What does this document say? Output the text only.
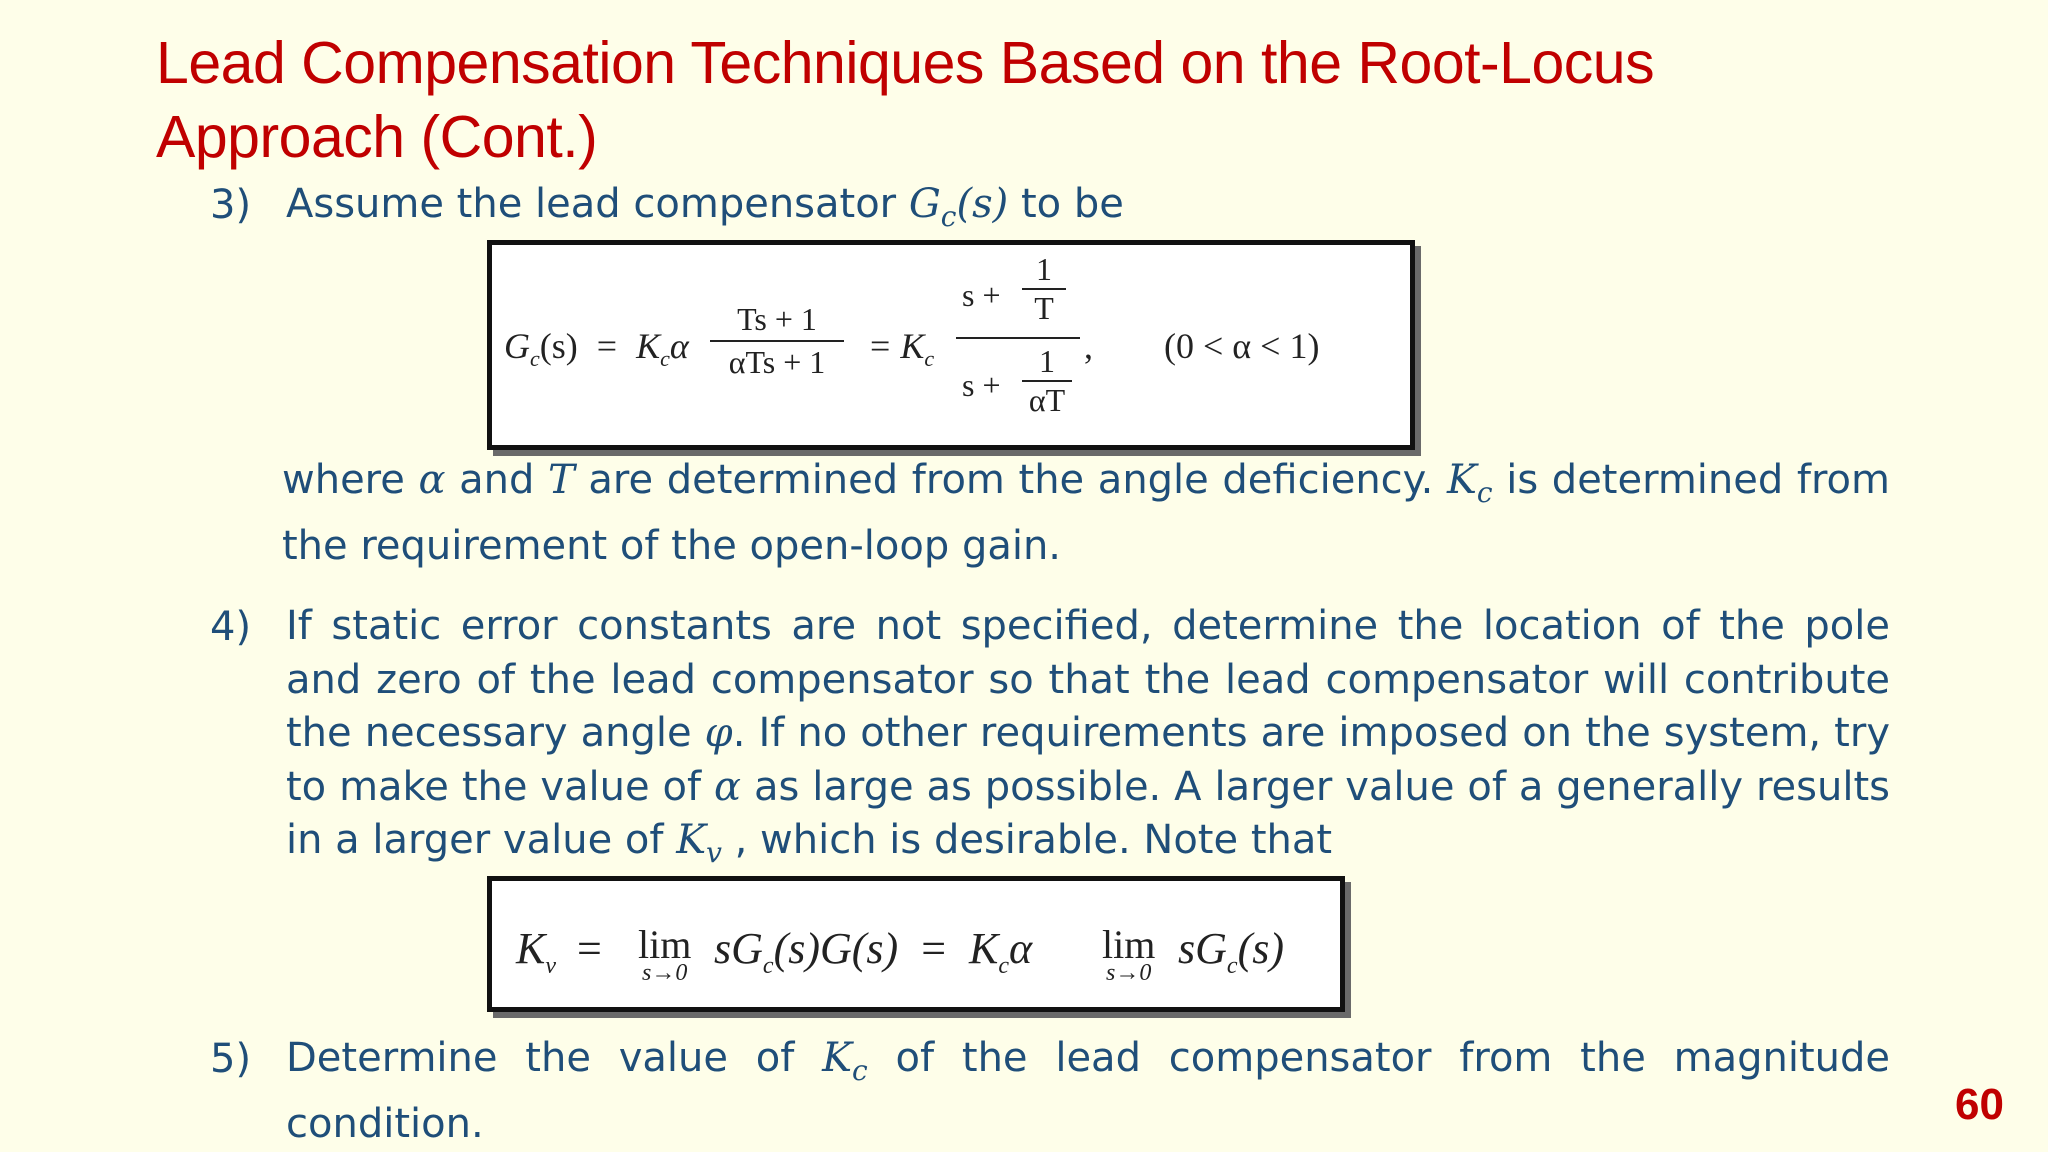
Lead Compensation Techniques Based on the Root-Locus
Approach (Cont.)
3) Assume the lead compensator $G_c(s)$ to be
$G_c(s) = K_c\alpha$
Ts + 1
αTs + 1	= $K_c$
s +
1
T
s +
1
αT
, (0 < α < 1)
where α and T are determined from the angle deficiency. $K_c$ is determined from the requirement of the open-loop gain.
4) If static error constants are not specified, determine the location of the pole and zero of the lead compensator so that the lead compensator will contribute the necessary angle φ. If no other requirements are imposed on the system, try to make the value of α as large as possible. A larger value of a generally results in a larger value of $K_v$ , which is desirable. Note that
$K_v = \lim$
s→0 $sG_c(s)G(s) = K_c\alpha$ lim
s→0 $sG_c(s)$
5) Determine the value of $K_c$ of the lead compensator from the magnitude condition.	60
